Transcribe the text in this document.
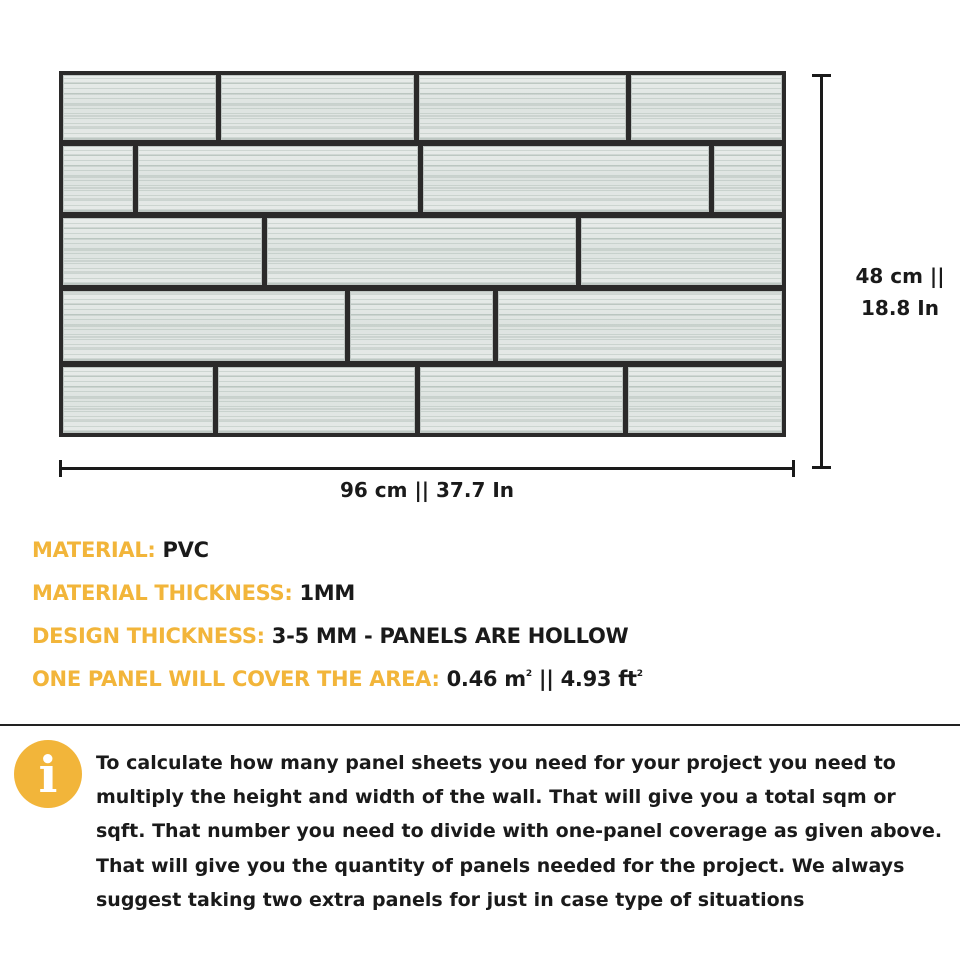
96 cm || 37.7 In
48 cm ||
18.8 In
MATERIAL: PVC
MATERIAL THICKNESS: 1MM
DESIGN THICKNESS: 3-5 MM - PANELS ARE HOLLOW
ONE PANEL WILL COVER THE AREA: 0.46 $m^2$ || 4.93 $ft^2$
i To calculate how many panel sheets you need for your project you need to multiply the height and width of the wall. That will give you a total sqm or sqft. That number you need to divide with one-panel coverage as given above. That will give you the quantity of panels needed for the project. We always suggest taking two extra panels for just in case type of situations
